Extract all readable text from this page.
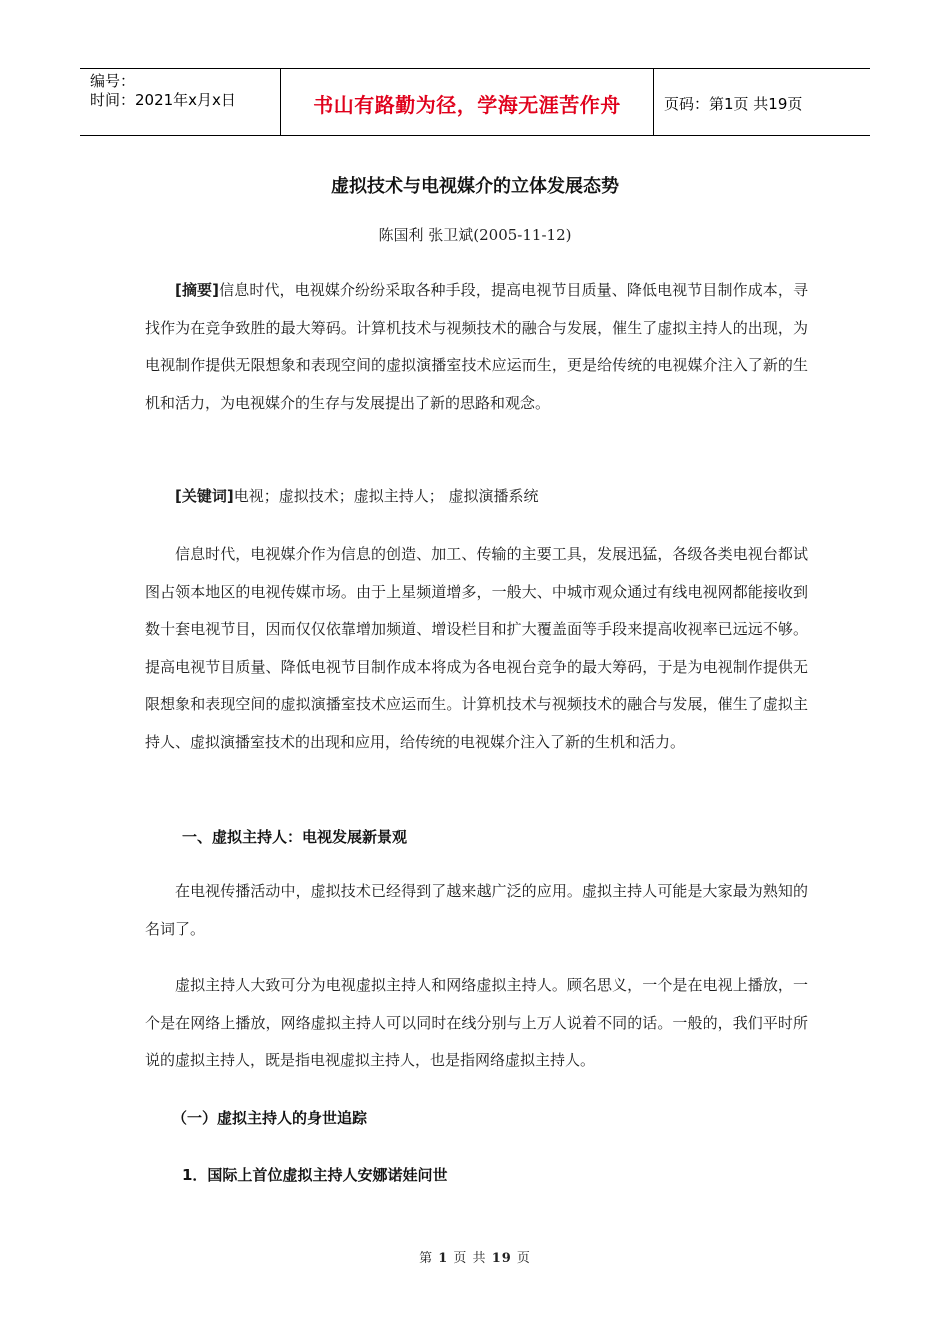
编号：
时间：2021年x月x日	书山有路勤为径，学海无涯苦作舟	页码：第1页 共19页
虚拟技术与电视媒介的立体发展态势
陈国利 张卫斌(2005-11-12)
[摘要]信息时代，电视媒介纷纷采取各种手段，提高电视节目质量、降低电视节目制作成本，寻找作为在竞争致胜的最大筹码。计算机技术与视频技术的融合与发展，催生了虚拟主持人的出现，为电视制作提供无限想象和表现空间的虚拟演播室技术应运而生，更是给传统的电视媒介注入了新的生机和活力，为电视媒介的生存与发展提出了新的思路和观念。
[关键词]电视；虚拟技术；虚拟主持人； 虚拟演播系统
信息时代，电视媒介作为信息的创造、加工、传输的主要工具，发展迅猛，各级各类电视台都试图占领本地区的电视传媒市场。由于上星频道增多，一般大、中城市观众通过有线电视网都能接收到数十套电视节目，因而仅仅依靠增加频道、增设栏目和扩大覆盖面等手段来提高收视率已远远不够。提高电视节目质量、降低电视节目制作成本将成为各电视台竞争的最大筹码，于是为电视制作提供无限想象和表现空间的虚拟演播室技术应运而生。计算机技术与视频技术的融合与发展，催生了虚拟主持人、虚拟演播室技术的出现和应用，给传统的电视媒介注入了新的生机和活力。
一、虚拟主持人：电视发展新景观
在电视传播活动中，虚拟技术已经得到了越来越广泛的应用。虚拟主持人可能是大家最为熟知的名词了。
虚拟主持人大致可分为电视虚拟主持人和网络虚拟主持人。顾名思义，一个是在电视上播放，一个是在网络上播放，网络虚拟主持人可以同时在线分别与上万人说着不同的话。一般的，我们平时所说的虚拟主持人，既是指电视虚拟主持人，也是指网络虚拟主持人。
（一）虚拟主持人的身世追踪
1．国际上首位虚拟主持人安娜诺娃问世
第 1 页 共 19 页
